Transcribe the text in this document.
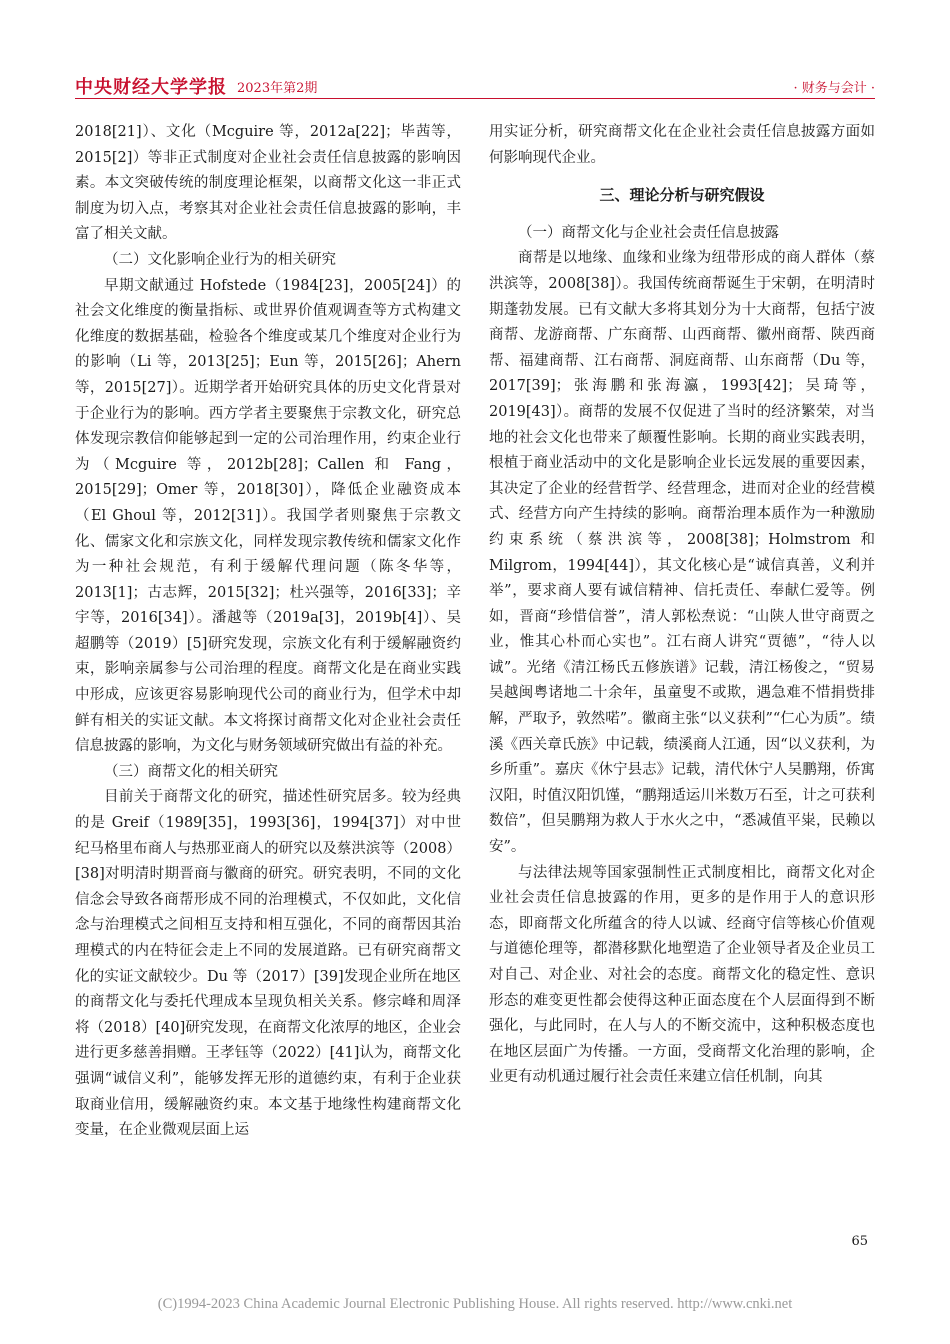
中央财经大学学报 2023年第2期	· 财务与会计 ·

2018[21]）、文化（Mcguire 等，2012a[22]；毕茜等，2015[2]）等非正式制度对企业社会责任信息披露的影响因素。本文突破传统的制度理论框架，以商帮文化这一非正式制度为切入点，考察其对企业社会责任信息披露的影响，丰富了相关文献。

（二）文化影响企业行为的相关研究

早期文献通过 Hofstede（1984[23]，2005[24]）的社会文化维度的衡量指标、或世界价值观调查等方式构建文化维度的数据基础，检验各个维度或某几个维度对企业行为的影响（Li 等，2013[25]；Eun 等，2015[26]；Ahern 等，2015[27]）。近期学者开始研究具体的历史文化背景对于企业行为的影响。西方学者主要聚焦于宗教文化，研究总体发现宗教信仰能够起到一定的公司治理作用，约束企业行为（Mcguire 等，2012b[28]；Callen 和 Fang，2015[29]；Omer 等，2018[30]），降低企业融资成本（El Ghoul 等，2012[31]）。我国学者则聚焦于宗教文化、儒家文化和宗族文化，同样发现宗教传统和儒家文化作为一种社会规范，有利于缓解代理问题（陈冬华等，2013[1]；古志辉，2015[32]；杜兴强等，2016[33]；辛宇等，2016[34]）。潘越等（2019a[3]，2019b[4]）、吴超鹏等（2019）[5]研究发现，宗族文化有利于缓解融资约束，影响亲属参与公司治理的程度。商帮文化是在商业实践中形成，应该更容易影响现代公司的商业行为，但学术中却鲜有相关的实证文献。本文将探讨商帮文化对企业社会责任信息披露的影响，为文化与财务领域研究做出有益的补充。

（三）商帮文化的相关研究

目前关于商帮文化的研究，描述性研究居多。较为经典的是 Greif（1989[35]，1993[36]，1994[37]）对中世纪马格里布商人与热那亚商人的研究以及蔡洪滨等（2008）[38]对明清时期晋商与徽商的研究。研究表明，不同的文化信念会导致各商帮形成不同的治理模式，不仅如此，文化信念与治理模式之间相互支持和相互强化，不同的商帮因其治理模式的内在特征会走上不同的发展道路。已有研究商帮文化的实证文献较少。Du 等（2017）[39]发现企业所在地区的商帮文化与委托代理成本呈现负相关关系。修宗峰和周泽将（2018）[40]研究发现，在商帮文化浓厚的地区，企业会进行更多慈善捐赠。王孝钰等（2022）[41]认为，商帮文化强调“诚信义利”，能够发挥无形的道德约束，有利于企业获取商业信用，缓解融资约束。本文基于地缘性构建商帮文化变量，在企业微观层面上运

用实证分析，研究商帮文化在企业社会责任信息披露方面如何影响现代企业。

三、理论分析与研究假设
（一）商帮文化与企业社会责任信息披露

商帮是以地缘、血缘和业缘为纽带形成的商人群体（蔡洪滨等，2008[38]）。我国传统商帮诞生于宋朝，在明清时期蓬勃发展。已有文献大多将其划分为十大商帮，包括宁波商帮、龙游商帮、广东商帮、山西商帮、徽州商帮、陕西商帮、福建商帮、江右商帮、洞庭商帮、山东商帮（Du 等，2017[39]；张海鹏和张海瀛，1993[42]；吴琦等，2019[43]）。商帮的发展不仅促进了当时的经济繁荣，对当地的社会文化也带来了颠覆性影响。长期的商业实践表明，根植于商业活动中的文化是影响企业长远发展的重要因素，其决定了企业的经营哲学、经营理念，进而对企业的经营模式、经营方向产生持续的影响。商帮治理本质作为一种激励约束系统（蔡洪滨等，2008[38]；Holmstrom 和 Milgrom，1994[44]），其文化核心是“诚信真善，义利并举”，要求商人要有诚信精神、信托责任、奉献仁爱等。例如，晋商“珍惜信誉”，清人郭松焘说：“山陕人世守商贾之业，惟其心朴而心实也”。江右商人讲究“贾德”，“待人以诚”。光绪《清江杨氏五修族谱》记载，清江杨俊之，“贸易吴越闽粤诸地二十余年，虽童叟不或欺，遇急难不惜捐赀排解，严取予，敦然喏”。徽商主张“以义获利”“仁心为质”。绩溪《西关章氏族》中记载，绩溪商人江通，因“以义获利，为乡所重”。嘉庆《休宁县志》记载，清代休宁人吴鹏翔，侨寓汉阳，时值汉阳饥馑，“鹏翔适运川米数万石至，计之可获利数倍”，但吴鹏翔为救人于水火之中，“悉减值平粜，民赖以安”。

与法律法规等国家强制性正式制度相比，商帮文化对企业社会责任信息披露的作用，更多的是作用于人的意识形态，即商帮文化所蕴含的待人以诚、经商守信等核心价值观与道德伦理等，都潜移默化地塑造了企业领导者及企业员工对自己、对企业、对社会的态度。商帮文化的稳定性、意识形态的难变更性都会使得这种正面态度在个人层面得到不断强化，与此同时，在人与人的不断交流中，这种积极态度也在地区层面广为传播。一方面，受商帮文化治理的影响，企业更有动机通过履行社会责任来建立信任机制，向其

65
(C)1994-2023 China Academic Journal Electronic Publishing House. All rights reserved. http://www.cnki.net
